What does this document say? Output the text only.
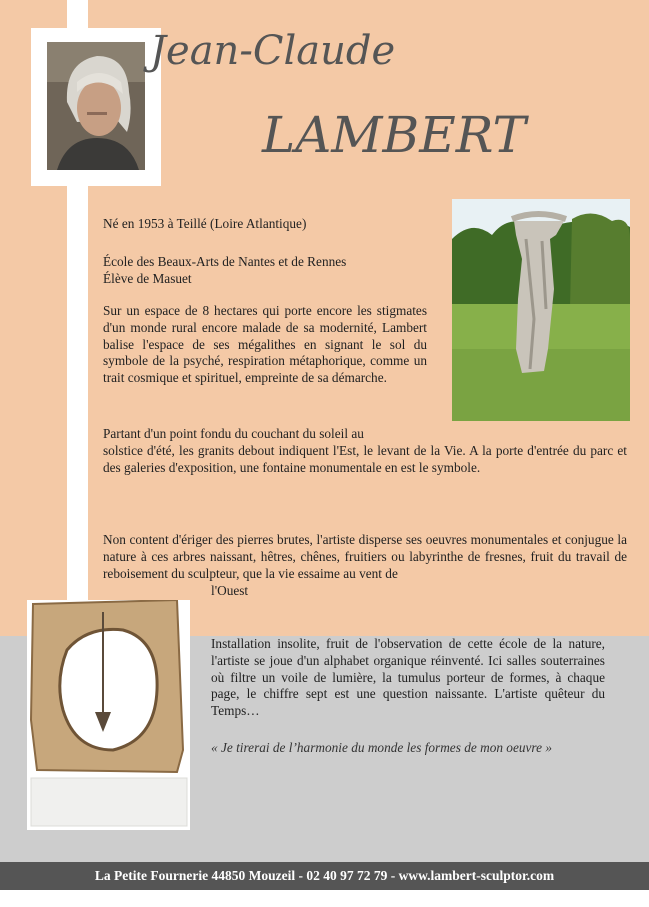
Jean-Claude
LAMBERT
Né en 1953 à Teillé (Loire Atlantique)
École des Beaux-Arts de Nantes et de Rennes
Élève de Masuet
Sur un espace de 8 hectares qui porte encore les stigmates d'un monde rural encore malade de sa modernité, Lambert balise l'espace de ses mégalithes en signant le sol du symbole de la psyché, respiration métaphorique, comme un trait cosmique et spirituel, empreinte de sa démarche.
Partant d'un point fondu du couchant du soleil au
solstice d'été, les granits debout indiquent l'Est, le levant de la Vie. A la porte d'entrée du parc et des galeries d'exposition, une fontaine monumentale en est le symbole.
Non content d'ériger des pierres brutes, l'artiste disperse ses oeuvres monumentales et conjugue la nature à ces arbres naissant, hêtres, chênes, fruitiers ou labyrinthe de fresnes, fruit du travail de reboisement du sculpteur, que la vie essaime au vent de
l'Ouest
Installation insolite, fruit de l'observation de cette école de la nature, l'artiste se joue d'un alphabet organique réinventé. Ici salles souterraines où filtre un voile de lumière, la tumulus porteur de formes, à chaque page, le chiffre sept est une question naissante. L'artiste quêteur du Temps…
« Je tirerai de l’harmonie du monde les formes de mon oeuvre »
La Petite Fournerie 44850 Mouzeil - 02 40 97 72 79 - www.lambert-sculptor.com
